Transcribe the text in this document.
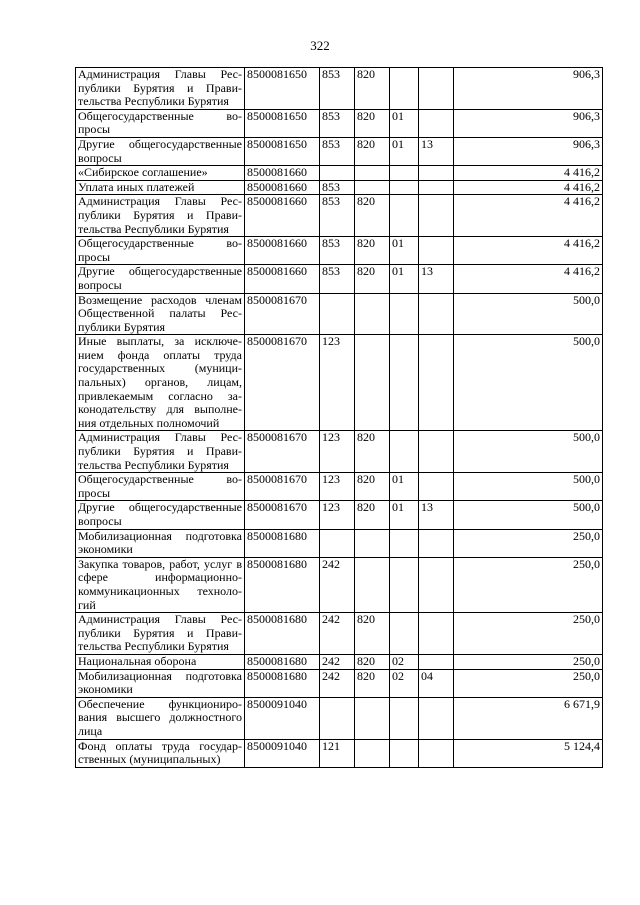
322
Администрация Главы Рес-публики Бурятия и Прави-тельства Республики Бурятия	8500081650	853	820			906,3
Общегосударственные во-просы	8500081650	853	820	01		906,3
Другие общегосударственные вопросы	8500081650	853	820	01	13	906,3
«Сибирское соглашение»	8500081660					4 416,2
Уплата иных платежей	8500081660	853				4 416,2
Администрация Главы Рес-публики Бурятия и Прави-тельства Республики Бурятия	8500081660	853	820			4 416,2
Общегосударственные во-просы	8500081660	853	820	01		4 416,2
Другие общегосударственные вопросы	8500081660	853	820	01	13	4 416,2
Возмещение расходов членам Общественной палаты Рес-публики Бурятия	8500081670					500,0
Иные выплаты, за исключе-нием фонда оплаты труда государственных (муници-пальных) органов, лицам, привлекаемым согласно за-конодательству для выполне-ния отдельных полномочий	8500081670	123				500,0
Администрация Главы Рес-публики Бурятия и Прави-тельства Республики Бурятия	8500081670	123	820			500,0
Общегосударственные во-просы	8500081670	123	820	01		500,0
Другие общегосударственные вопросы	8500081670	123	820	01	13	500,0
Мобилизационная подготовка экономики	8500081680					250,0
Закупка товаров, работ, услуг в сфере информационно-коммуникационных техноло-гий	8500081680	242				250,0
Администрация Главы Рес-публики Бурятия и Прави-тельства Республики Бурятия	8500081680	242	820			250,0
Национальная оборона	8500081680	242	820	02		250,0
Мобилизационная подготовка экономики	8500081680	242	820	02	04	250,0
Обеспечение функциониро-вания высшего должностного лица	8500091040					6 671,9
Фонд оплаты труда государ-ственных (муниципальных)	8500091040	121				5 124,4
